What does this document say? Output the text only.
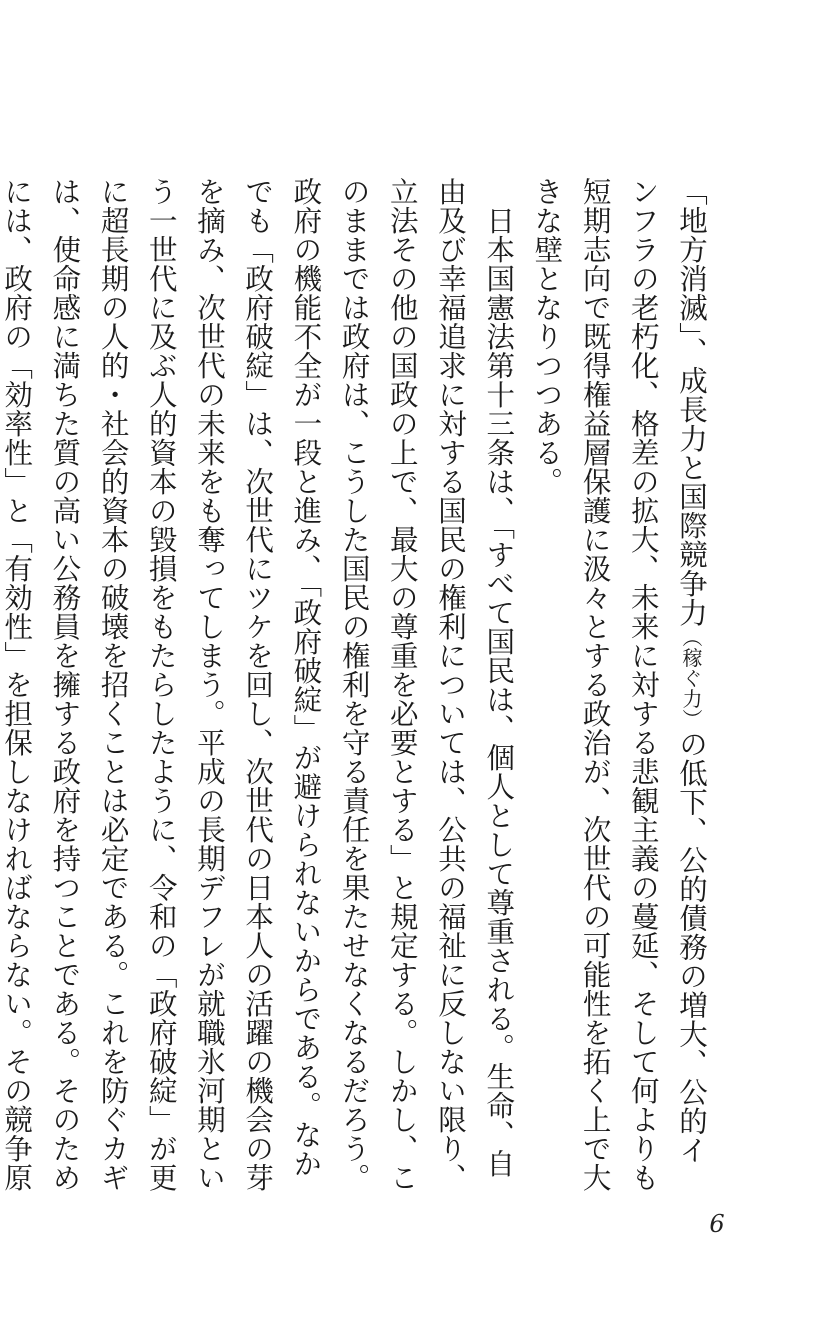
「地方消滅」、成長力と国際競争力（稼ぐ力）の低下、公的債務の増大、公的インフラの老朽化、格差の拡大、未来に対する悲観主義の蔓延、そして何よりも短期志向で既得権益層保護に汲々とする政治が、次世代の可能性を拓く上で大きな壁となりつつある。

日本国憲法第十三条は、「すべて国民は、個人として尊重される。生命、自由及び幸福追求に対する国民の権利については、公共の福祉に反しない限り、立法その他の国政の上で、最大の尊重を必要とする」と規定する。しかし、このままでは政府は、こうした国民の権利を守る責任を果たせなくなるだろう。政府の機能不全が一段と進み、「政府破綻」が避けられないからである。なかでも「政府破綻」は、次世代にツケを回し、次世代の日本人の活躍の機会の芽を摘み、次世代の未来をも奪ってしまう。平成の長期デフレが就職氷河期という一世代に及ぶ人的資本の毀損をもたらしたように、令和の「政府破綻」が更に超長期の人的・社会的資本の破壊を招くことは必定である。これを防ぐカギは、使命感に満ちた質の高い公務員を擁する政府を持つことである。そのためには、政府の「効率性」と「有効性」を担保しなければならない。その競争原

6
